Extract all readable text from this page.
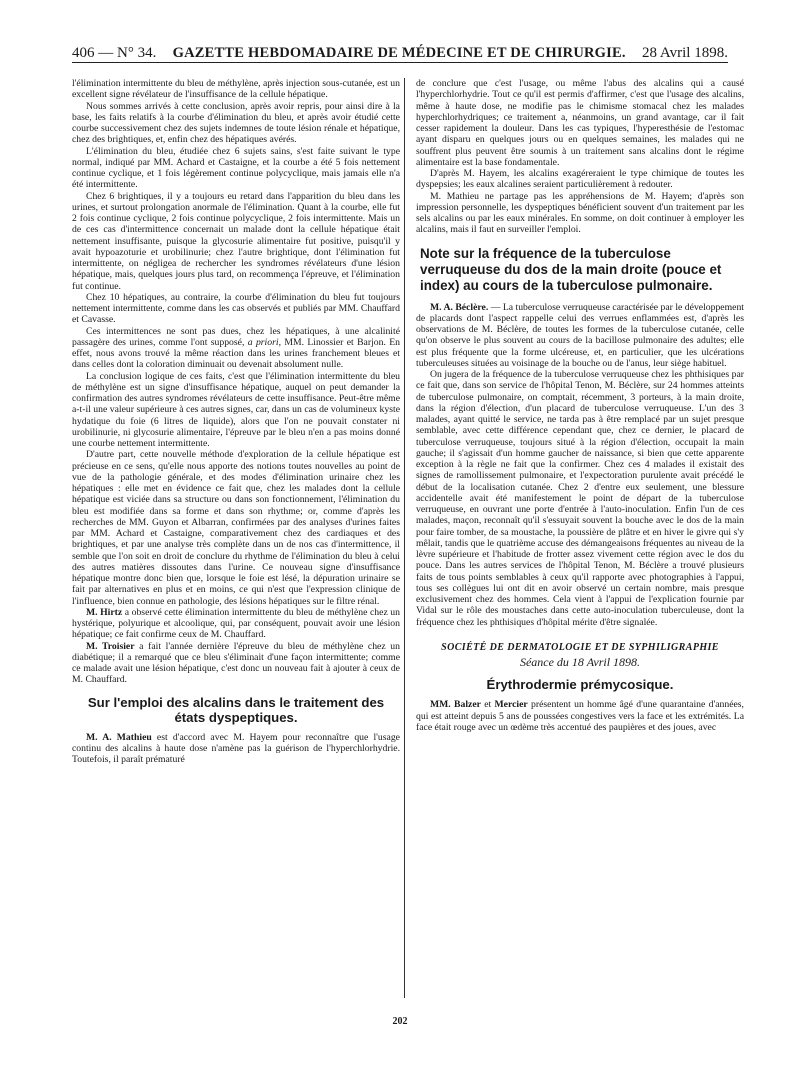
406 — N° 34. GAZETTE HEBDOMADAIRE DE MÉDECINE ET DE CHIRURGIE. 28 Avril 1898.

l'élimination intermittente du bleu de méthylène, après injection sous-cutanée, est un excellent signe révélateur de l'insuffisance de la cellule hépatique.

Nous sommes arrivés à cette conclusion, après avoir repris, pour ainsi dire à la base, les faits relatifs à la courbe d'élimination du bleu, et après avoir étudié cette courbe successivement chez des sujets indemnes de toute lésion rénale et hépatique, chez des brightiques, et, enfin chez des hépatiques avérés.

L'élimination du bleu, étudiée chez 6 sujets sains, s'est faite suivant le type normal, indiqué par MM. Achard et Castaigne, et la courbe a été 5 fois nettement continue cyclique, et 1 fois légèrement continue polycyclique, mais jamais elle n'a été intermittente.

Chez 6 brightiques, il y a toujours eu retard dans l'apparition du bleu dans les urines, et surtout prolongation anormale de l'élimination. Quant à la courbe, elle fut 2 fois continue cyclique, 2 fois continue polycyclique, 2 fois intermittente. Mais un de ces cas d'intermittence concernait un malade dont la cellule hépatique était nettement insuffisante, puisque la glycosurie alimentaire fut positive, puisqu'il y avait hypoazoturie et urobilinurie; chez l'autre brightique, dont l'élimination fut intermittente, on négligea de rechercher les syndromes révélateurs d'une lésion hépatique, mais, quelques jours plus tard, on recommença l'épreuve, et l'élimination fut continue.

Chez 10 hépatiques, au contraire, la courbe d'élimination du bleu fut toujours nettement intermittente, comme dans les cas observés et publiés par MM. Chauffard et Cavasse.

Ces intermittences ne sont pas dues, chez les hépatiques, à une alcalinité passagère des urines, comme l'ont supposé, a priori, MM. Linossier et Barjon. En effet, nous avons trouvé la même réaction dans les urines franchement bleues et dans celles dont la coloration diminuait ou devenait absolument nulle.

La conclusion logique de ces faits, c'est que l'élimination intermittente du bleu de méthylène est un signe d'insuffisance hépatique, auquel on peut demander la confirmation des autres syndromes révélateurs de cette insuffisance. Peut-être même a-t-il une valeur supérieure à ces autres signes, car, dans un cas de volumineux kyste hydatique du foie (6 litres de liquide), alors que l'on ne pouvait constater ni urobilinurie, ni glycosurie alimentaire, l'épreuve par le bleu n'en a pas moins donné une courbe nettement intermittente.

D'autre part, cette nouvelle méthode d'exploration de la cellule hépatique est précieuse en ce sens, qu'elle nous apporte des notions toutes nouvelles au point de vue de la pathologie générale, et des modes d'élimination urinaire chez les hépatiques : elle met en évidence ce fait que, chez les malades dont la cellule hépatique est viciée dans sa structure ou dans son fonctionnement, l'élimination du bleu est modifiée dans sa forme et dans son rhythme; or, comme d'après les recherches de MM. Guyon et Albarran, confirmées par des analyses d'urines faites par MM. Achard et Castaigne, comparativement chez des cardiaques et des brightiques, et par une analyse très complète dans un de nos cas d'intermittence, il semble que l'on soit en droit de conclure du rhythme de l'élimination du bleu à celui des autres matières dissoutes dans l'urine. Ce nouveau signe d'insuffisance hépatique montre donc bien que, lorsque le foie est lésé, la dépuration urinaire se fait par alternatives en plus et en moins, ce qui n'est que l'expression clinique de l'influence, bien connue en pathologie, des lésions hépatiques sur le filtre rénal.

M. Hirtz a observé cette élimination intermittente du bleu de méthylène chez un hystérique, polyurique et alcoolique, qui, par conséquent, pouvait avoir une lésion hépatique; ce fait confirme ceux de M. Chauffard.

M. Troisier a fait l'année dernière l'épreuve du bleu de méthylène chez un diabétique; il a remarqué que ce bleu s'éliminait d'une façon intermittente; comme ce malade avait une lésion hépatique, c'est donc un nouveau fait à ajouter à ceux de M. Chauffard.

Sur l'emploi des alcalins dans le traitement des états dyspeptiques.

M. A. Mathieu est d'accord avec M. Hayem pour reconnaître que l'usage continu des alcalins à haute dose n'amène pas la guérison de l'hyperchlorhydrie. Toutefois, il paraît prématuré

de conclure que c'est l'usage, ou même l'abus des alcalins qui a causé l'hyperchlorhydrie. Tout ce qu'il est permis d'affirmer, c'est que l'usage des alcalins, même à haute dose, ne modifie pas le chimisme stomacal chez les malades hyperchlorhydriques; ce traitement a, néanmoins, un grand avantage, car il fait cesser rapidement la douleur. Dans les cas typiques, l'hyperesthésie de l'estomac ayant disparu en quelques jours ou en quelques semaines, les malades qui ne souffrent plus peuvent être soumis à un traitement sans alcalins dont le régime alimentaire est la base fondamentale.

D'après M. Hayem, les alcalins exagéreraient le type chimique de toutes les dyspepsies; les eaux alcalines seraient particulièrement à redouter.

M. Mathieu ne partage pas les appréhensions de M. Hayem; d'après son impression personnelle, les dyspeptiques bénéficient souvent d'un traitement par les sels alcalins ou par les eaux minérales. En somme, on doit continuer à employer les alcalins, mais il faut en surveiller l'emploi.

Note sur la fréquence de la tuberculose verruqueuse du dos de la main droite (pouce et index) au cours de la tuberculose pulmonaire.

M. A. Béclère. — La tuberculose verruqueuse caractérisée par le développement de placards dont l'aspect rappelle celui des verrues enflammées est, d'après les observations de M. Béclère, de toutes les formes de la tuberculose cutanée, celle qu'on observe le plus souvent au cours de la bacillose pulmonaire des adultes; elle est plus fréquente que la forme ulcéreuse, et, en particulier, que les ulcérations tuberculeuses situées au voisinage de la bouche ou de l'anus, leur siège habituel.

On jugera de la fréquence de la tuberculose verruqueuse chez les phthisiques par ce fait que, dans son service de l'hôpital Tenon, M. Béclère, sur 24 hommes atteints de tuberculose pulmonaire, on comptait, récemment, 3 porteurs, à la main droite, dans la région d'élection, d'un placard de tuberculose verruqueuse. L'un des 3 malades, ayant quitté le service, ne tarda pas à être remplacé par un sujet presque semblable, avec cette différence cependant que, chez ce dernier, le placard de tuberculose verruqueuse, toujours situé à la région d'élection, occupait la main gauche; il s'agissait d'un homme gaucher de naissance, si bien que cette apparente exception à la règle ne fait que la confirmer. Chez ces 4 malades il existait des signes de ramollissement pulmonaire, et l'expectoration purulente avait précédé le début de la localisation cutanée. Chez 2 d'entre eux seulement, une blessure accidentelle avait été manifestement le point de départ de la tuberculose verruqueuse, en ouvrant une porte d'entrée à l'auto-inoculation. Enfin l'un de ces malades, maçon, reconnaît qu'il s'essuyait souvent la bouche avec le dos de la main pour faire tomber, de sa moustache, la poussière de plâtre et en hiver le givre qui s'y mêlait, tandis que le quatrième accuse des démangeaisons fréquentes au niveau de la lèvre supérieure et l'habitude de frotter assez vivement cette région avec le dos du pouce. Dans les autres services de l'hôpital Tenon, M. Béclère a trouvé plusieurs faits de tous points semblables à ceux qu'il rapporte avec photographies à l'appui, tous ses collègues lui ont dit en avoir observé un certain nombre, mais presque exclusivement chez des hommes. Cela vient à l'appui de l'explication fournie par Vidal sur le rôle des moustaches dans cette auto-inoculation tuberculeuse, dont la fréquence chez les phthisiques d'hôpital mérite d'être signalée.

SOCIÉTÉ DE DERMATOLOGIE ET DE SYPHILIGRAPHIE
Séance du 18 Avril 1898.
Érythrodermie prémycosique.

MM. Balzer et Mercier présentent un homme âgé d'une quarantaine d'années, qui est atteint depuis 5 ans de poussées congestives vers la face et les extrémités. La face était rouge avec un œdème très accentué des paupières et des joues, avec

202
